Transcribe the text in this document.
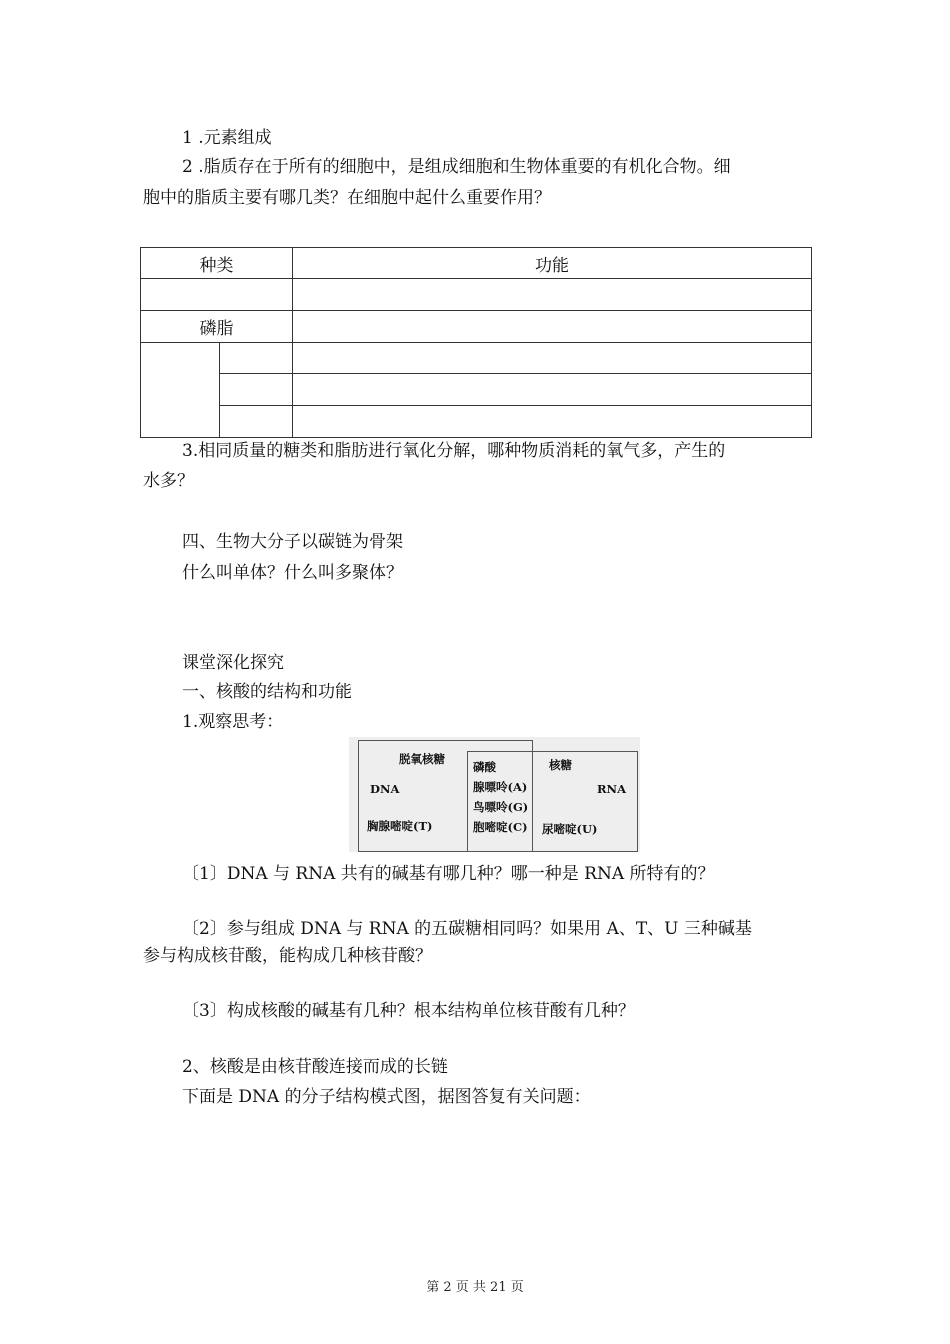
1 .元素组成
2 .脂质存在于所有的细胞中，是组成细胞和生物体重要的有机化合物。细
胞中的脂质主要有哪几类？在细胞中起什么重要作用？
种类		功能

磷脂		

3.相同质量的糖类和脂肪进行氧化分解，哪种物质消耗的氧气多，产生的
水多？
四、生物大分子以碳链为骨架
什么叫单体？什么叫多聚体？
课堂深化探究
一、核酸的结构和功能
1.观察思考：
脱氧核糖
DNA
胸腺嘧啶(T)
磷酸
腺嘌呤(A)
鸟嘌呤(G)
胞嘧啶(C)
核糖
RNA
尿嘧啶(U)
〔1〕DNA 与 RNA 共有的碱基有哪几种？哪一种是 RNA 所特有的？
〔2〕参与组成 DNA 与 RNA 的五碳糖相同吗？如果用 A、T、U 三种碱基
参与构成核苷酸，能构成几种核苷酸？
〔3〕构成核酸的碱基有几种？根本结构单位核苷酸有几种？
2、核酸是由核苷酸连接而成的长链
下面是 DNA 的分子结构模式图，据图答复有关问题：
第 2 页 共 21 页
